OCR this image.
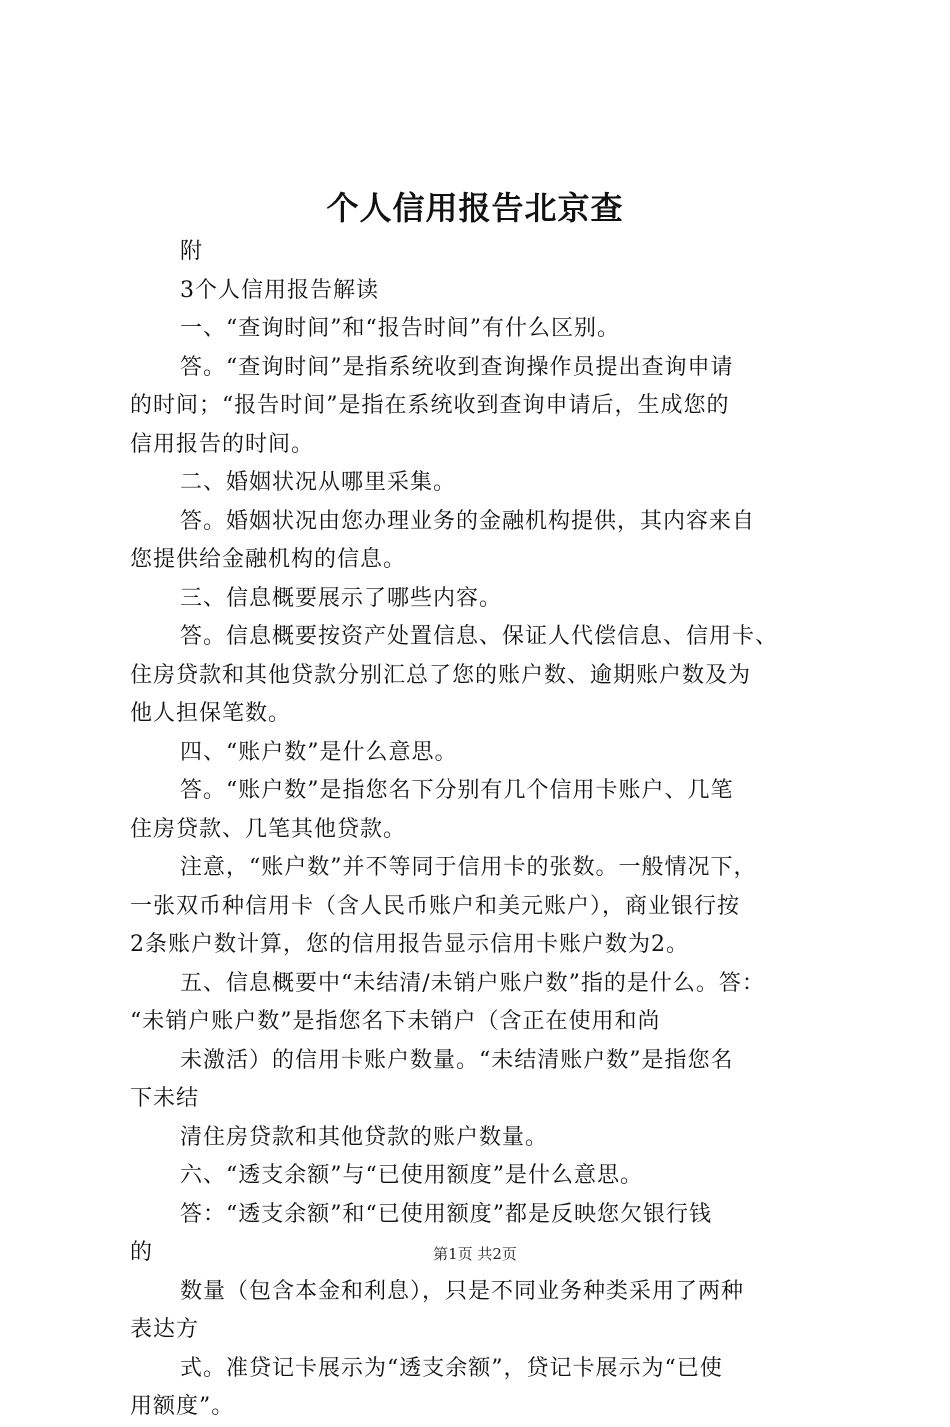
个人信用报告北京查
附
3个人信用报告解读
一、“查询时间”和“报告时间”有什么区别。
答。“查询时间”是指系统收到查询操作员提出查询申请
的时间；“报告时间”是指在系统收到查询申请后，生成您的
信用报告的时间。
二、婚姻状况从哪里采集。
答。婚姻状况由您办理业务的金融机构提供，其内容来自
您提供给金融机构的信息。
三、信息概要展示了哪些内容。
答。信息概要按资产处置信息、保证人代偿信息、信用卡、
住房贷款和其他贷款分别汇总了您的账户数、逾期账户数及为
他人担保笔数。
四、“账户数”是什么意思。
答。“账户数”是指您名下分别有几个信用卡账户、几笔
住房贷款、几笔其他贷款。
注意，“账户数”并不等同于信用卡的张数。一般情况下，
一张双币种信用卡（含人民币账户和美元账户），商业银行按
2条账户数计算，您的信用报告显示信用卡账户数为2。
五、信息概要中“未结清/未销户账户数”指的是什么。答：
“未销户账户数”是指您名下未销户（含正在使用和尚
未激活）的信用卡账户数量。“未结清账户数”是指您名
下未结
清住房贷款和其他贷款的账户数量。
六、“透支余额”与“已使用额度”是什么意思。
答：“透支余额”和“已使用额度”都是反映您欠银行钱
的
数量（包含本金和利息），只是不同业务种类采用了两种
表达方
式。准贷记卡展示为“透支余额”，贷记卡展示为“已使
用额度”。
第1页 共2页
